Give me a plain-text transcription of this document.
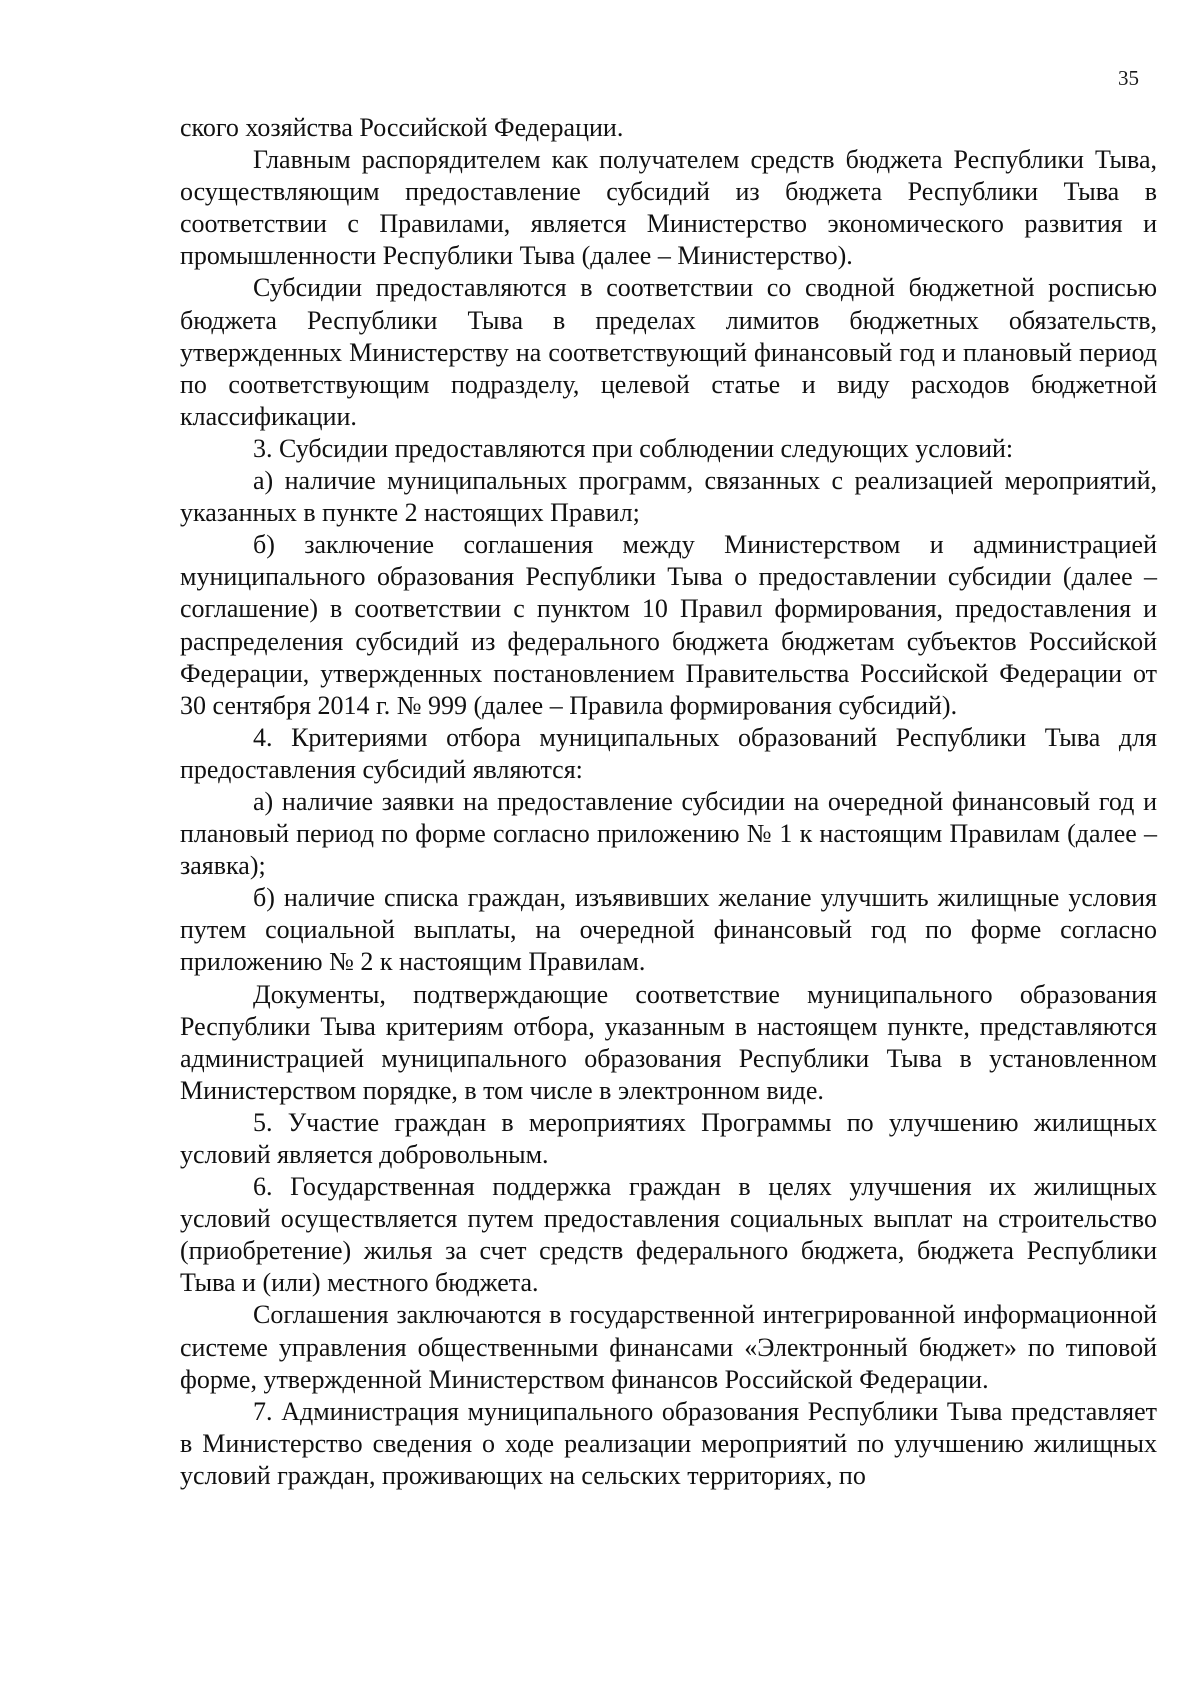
35

ского хозяйства Российской Федерации.

Главным распорядителем как получателем средств бюджета Республики Тыва, осуществляющим предоставление субсидий из бюджета Республики Тыва в соответствии с Правилами, является Министерство экономического развития и промышленности Республики Тыва (далее – Министерство).

Субсидии предоставляются в соответствии со сводной бюджетной росписью бюджета Республики Тыва в пределах лимитов бюджетных обязательств, утвержденных Министерству на соответствующий финансовый год и плановый период по соответствующим подразделу, целевой статье и виду расходов бюджетной классификации.

3. Субсидии предоставляются при соблюдении следующих условий:

а) наличие муниципальных программ, связанных с реализацией мероприятий, указанных в пункте 2 настоящих Правил;

б) заключение соглашения между Министерством и администрацией муниципального образования Республики Тыва о предоставлении субсидии (далее – соглашение) в соответствии с пунктом 10 Правил формирования, предоставления и распределения субсидий из федерального бюджета бюджетам субъектов Российской Федерации, утвержденных постановлением Правительства Российской Федерации от 30 сентября 2014 г. № 999 (далее – Правила формирования субсидий).

4. Критериями отбора муниципальных образований Республики Тыва для предоставления субсидий являются:

а) наличие заявки на предоставление субсидии на очередной финансовый год и плановый период по форме согласно приложению № 1 к настоящим Правилам (далее – заявка);

б) наличие списка граждан, изъявивших желание улучшить жилищные условия путем социальной выплаты, на очередной финансовый год по форме согласно приложению № 2 к настоящим Правилам.

Документы, подтверждающие соответствие муниципального образования Республики Тыва критериям отбора, указанным в настоящем пункте, представляются администрацией муниципального образования Республики Тыва в установленном Министерством порядке, в том числе в электронном виде.

5. Участие граждан в мероприятиях Программы по улучшению жилищных условий является добровольным.

6. Государственная поддержка граждан в целях улучшения их жилищных условий осуществляется путем предоставления социальных выплат на строительство (приобретение) жилья за счет средств федерального бюджета, бюджета Республики Тыва и (или) местного бюджета.

Соглашения заключаются в государственной интегрированной информационной системе управления общественными финансами «Электронный бюджет» по типовой форме, утвержденной Министерством финансов Российской Федерации.

7. Администрация муниципального образования Республики Тыва представляет в Министерство сведения о ходе реализации мероприятий по улучшению жилищных условий граждан, проживающих на сельских территориях, по
